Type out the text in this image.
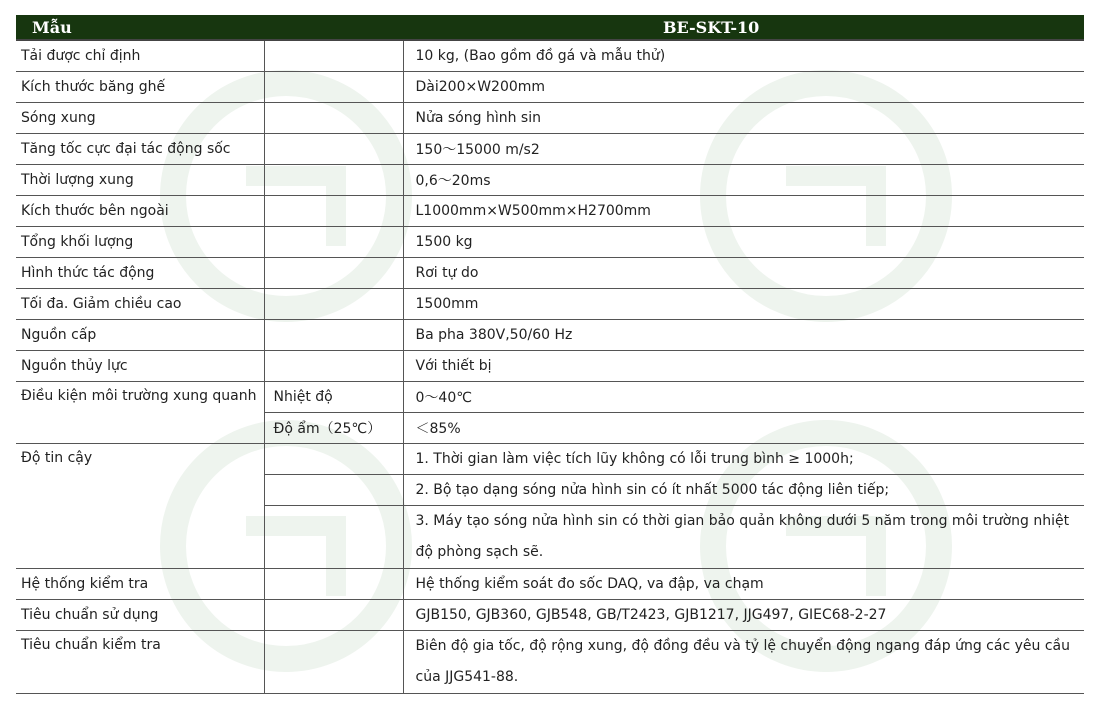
Mẫu		BE-SKT-10
Tải được chỉ định		10 kg, (Bao gồm đồ gá và mẫu thử)
Kích thước băng ghế		Dài200×W200mm
Sóng xung		Nửa sóng hình sin
Tăng tốc cực đại tác động sốc		150～15000 m/s2
Thời lượng xung		0,6～20ms
Kích thước bên ngoài		L1000mm×W500mm×H2700mm
Tổng khối lượng		1500 kg
Hình thức tác động		Rơi tự do
Tối đa. Giảm chiều cao		1500mm
Nguồn cấp		Ba pha 380V,50/60 Hz
Nguồn thủy lực		Với thiết bị
Điều kiện môi trường xung quanh	Nhiệt độ	0～40℃
	Độ ẩm（25℃）	＜85%
Độ tin cậy		1. Thời gian làm việc tích lũy không có lỗi trung bình ≥ 1000h;
		2. Bộ tạo dạng sóng nửa hình sin có ít nhất 5000 tác động liên tiếp;
		3. Máy tạo sóng nửa hình sin có thời gian bảo quản không dưới 5 năm trong môi trường nhiệt độ phòng sạch sẽ.
Hệ thống kiểm tra		Hệ thống kiểm soát đo sốc DAQ, va đập, va chạm
Tiêu chuẩn sử dụng		GJB150, GJB360, GJB548, GB/T2423, GJB1217, JJG497, GIEC68-2-27
Tiêu chuẩn kiểm tra		Biên độ gia tốc, độ rộng xung, độ đồng đều và tỷ lệ chuyển động ngang đáp ứng các yêu cầu của JJG541-88.
